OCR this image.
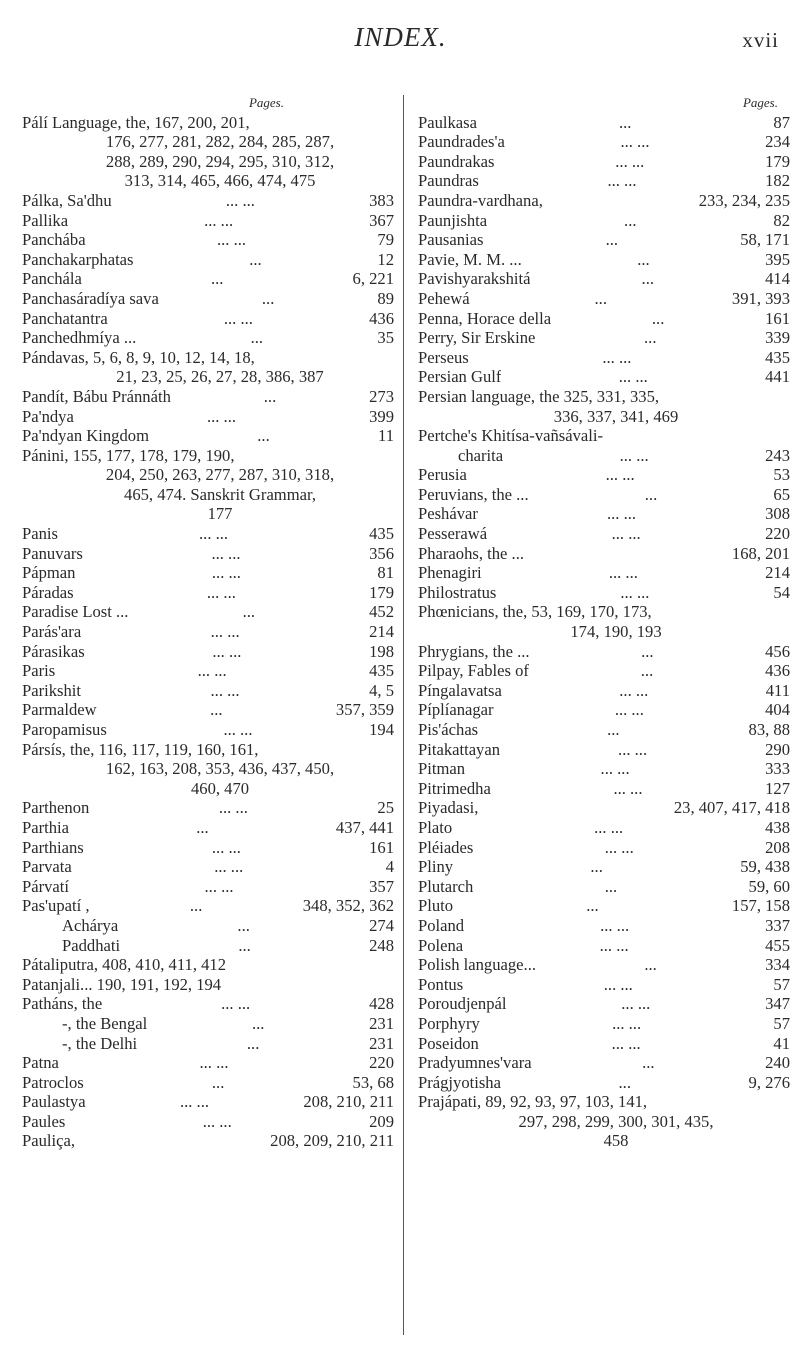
INDEX.	xvii
Pages.
Pálí Language, the, 167, 200, 201,
176, 277, 281, 282, 284, 285, 287,
288, 289, 290, 294, 295, 310, 312,
313, 314, 465, 466, 474, 475
Pálka, Sa'dhu	... ...	383
Pallika	... ...	367
Panchába	... ...	79
Panchakarphatas	...	12
Panchála	...	6, 221
Panchasáradíya sava	...	89
Panchatantra	... ...	436
Panchedhmíya ...	...	35
Pándavas, 5, 6, 8, 9, 10, 12, 14, 18,
21, 23, 25, 26, 27, 28, 386, 387
Pandít, Bábu Pránnáth	...	273
Pa'ndya	... ...	399
Pa'ndyan Kingdom	...	11
Pánini, 155, 177, 178, 179, 190,
204, 250, 263, 277, 287, 310, 318,
465, 474. Sanskrit Grammar,
177
Panis	... ...	435
Panuvars	... ...	356
Pápman	... ...	81
Páradas	... ...	179
Paradise Lost ...	...	452
Parás'ara	... ...	214
Párasikas	... ...	198
Paris	... ...	435
Parikshit	... ...	4, 5
Parmaldew	...	357, 359
Paropamisus	... ...	194
Pársís, the, 116, 117, 119, 160, 161,
162, 163, 208, 353, 436, 437, 450,
460, 470
Parthenon	... ...	25
Parthia	...	437, 441
Parthians	... ...	161
Parvata	... ...	4
Párvatí	... ...	357
Pas'upatí ,	...	348, 352, 362
Achárya	...	274
Paddhati	...	248
Pátaliputra, 408, 410, 411, 412
Patanjali... 190, 191, 192, 194
Patháns, the	... ...	428
-, the Bengal	...	231
-, the Delhi	...	231
Patna	... ...	220
Patroclos	...	53, 68
Paulastya	... ...	208, 210, 211
Paules	... ...	209
Pauliça,	208, 209, 210, 211
Pages.
Paulkasa	...	87
Paundrades'a	... ...	234
Paundrakas	... ...	179
Paundras	... ...	182
Paundra-vardhana,	233, 234, 235
Paunjishta	...	82
Pausanias	...	58, 171
Pavie, M. M. ...	...	395
Pavishyarakshitá	...	414
Pehewá	...	391, 393
Penna, Horace della	...	161
Perry, Sir Erskine	...	339
Perseus	... ...	435
Persian Gulf	... ...	441
Persian language, the 325, 331, 335,
336, 337, 341, 469
Pertche's Khitísa-vañsávali-
charita	... ...	243
Perusia	... ...	53
Peruvians, the ...	...	65
Peshávar	... ...	308
Pesserawá	... ...	220
Pharaohs, the ...	168, 201
Phenagiri	... ...	214
Philostratus	... ...	54
Phœnicians, the, 53, 169, 170, 173,
174, 190, 193
Phrygians, the ...	...	456
Pilpay, Fables of	...	436
Píngalavatsa	... ...	411
Píplíanagar	... ...	404
Pis'áchas	...	83, 88
Pitakattayan	... ...	290
Pitman	... ...	333
Pitrimedha	... ...	127
Piyadasi,	23, 407, 417, 418
Plato	... ...	438
Pléiades	... ...	208
Pliny	...	59, 438
Plutarch	...	59, 60
Pluto	...	157, 158
Poland	... ...	337
Polena	... ...	455
Polish language...	...	334
Pontus	... ...	57
Poroudjenpál	... ...	347
Porphyry	... ...	57
Poseidon	... ...	41
Pradyumnes'vara	...	240
Prágjyotisha	...	9, 276
Prajápati, 89, 92, 93, 97, 103, 141,
297, 298, 299, 300, 301, 435,
458
